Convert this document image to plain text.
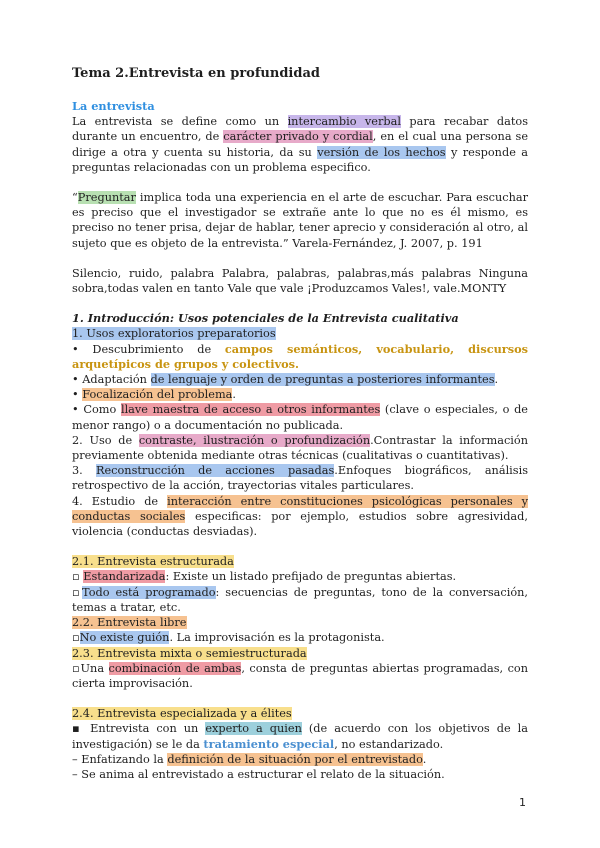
Tema 2.Entrevista en profundidad
La entrevista

La entrevista se define como un intercambio verbal para recabar datos durante un encuentro, de carácter privado y cordial, en el cual una persona se dirige a otra y cuenta su historia, da su versión de los hechos y responde a preguntas relacionadas con un problema especifico.

“Preguntar implica toda una experiencia en el arte de escuchar. Para escuchar es preciso que el investigador se extrañe ante lo que no es él mismo, es preciso no tener prisa, dejar de hablar, tener aprecio y consideración al otro, al sujeto que es objeto de la entrevista.” Varela-Fernández, J. 2007, p. 191

Silencio, ruido, palabra Palabra, palabras, palabras,más palabras Ninguna sobra,todas valen en tanto Vale que vale ¡Produzcamos Vales!, vale.MONTY

1. Introducción: Usos potenciales de la Entrevista cualitativa

1. Usos exploratorios preparatorios

• Descubrimiento de campos semánticos, vocabulario, discursos arquetípicos de grupos y colectivos.

• Adaptación de lenguaje y orden de preguntas a posteriores informantes.

• Focalización del problema.

• Como llave maestra de acceso a otros informantes (clave o especiales, o de menor rango) o a documentación no publicada.

2. Uso de contraste, ilustración o profundización.Contrastar la información previamente obtenida mediante otras técnicas (cualitativas o cuantitativas).

3. Reconstrucción de acciones pasadas.Enfoques biográficos, análisis retrospectivo de la acción, trayectorias vitales particulares.

4. Estudio de interacción entre constituciones psicológicas personales y conductas sociales especificas: por ejemplo, estudios sobre agresividad, violencia (conductas desviadas).

2.1. Entrevista estructurada

▫ Estandarizada: Existe un listado prefijado de preguntas abiertas.

▫Todo está programado: secuencias de preguntas, tono de la conversación, temas a tratar, etc.

2.2. Entrevista libre

▫No existe guión. La improvisación es la protagonista.

2.3. Entrevista mixta o semiestructurada

▫Una combinación de ambas, consta de preguntas abiertas programadas, con cierta improvisación.

2.4. Entrevista especializada y a élites

▪ Entrevista con un experto a quien (de acuerdo con los objetivos de la investigación) se le da tratamiento especial, no estandarizado.

– Enfatizando la definición de la situación por el entrevistado.

– Se anima al entrevistado a estructurar el relato de la situación.

1
